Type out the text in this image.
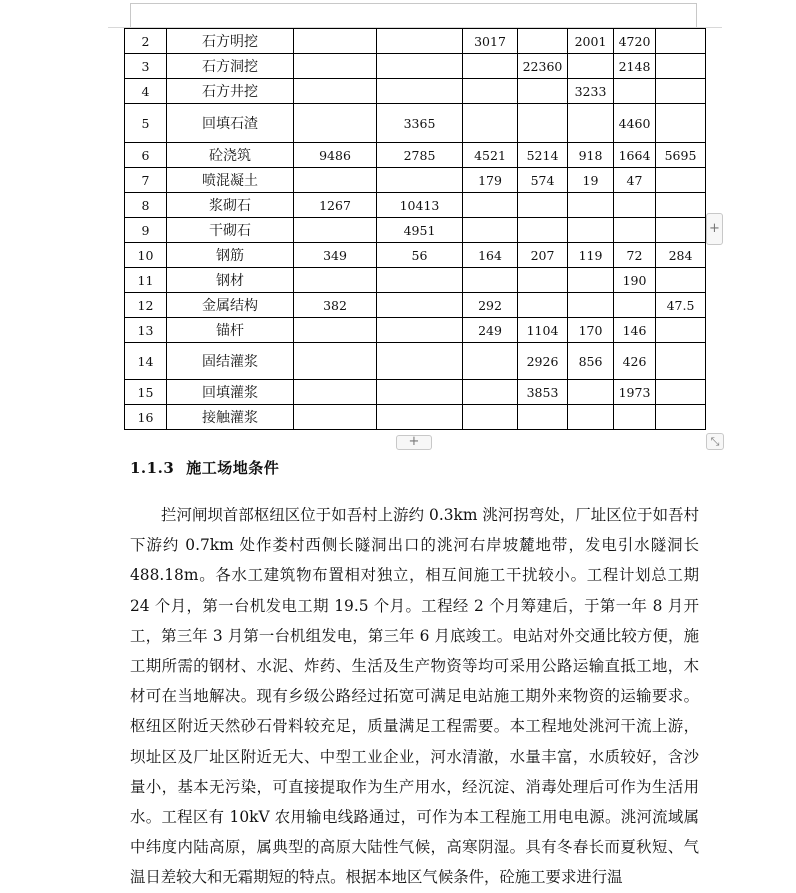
2	石方明挖			3017		2001	4720	
3	石方洞挖				22360		2148	
4	石方井挖					3233		
5	回填石渣		3365				4460	
6	砼浇筑	9486	2785	4521	5214	918	1664	5695
7	喷混凝土			179	574	19	47	
8	浆砌石	1267	10413					
9	干砌石		4951					
10	钢筋	349	56	164	207	119	72	284
11	钢材						190	
12	金属结构	382		292				47.5
13	锚杆			249	1104	170	146	
14	固结灌浆				2926	856	426	
15	回填灌浆				3853		1973	
16	接触灌浆							
+
+
⤡
1.1.3 施工场地条件

拦河闸坝首部枢纽区位于如吾村上游约 0.3km 洮河拐弯处，厂址区位于如吾村下游约 0.7km 处作娄村西侧长隧洞出口的洮河右岸坡麓地带，发电引水隧洞长 488.18m。各水工建筑物布置相对独立，相互间施工干扰较小。工程计划总工期 24 个月，第一台机发电工期 19.5 个月。工程经 2 个月筹建后，于第一年 8 月开工，第三年 3 月第一台机组发电，第三年 6 月底竣工。电站对外交通比较方便，施工期所需的钢材、水泥、炸药、生活及生产物资等均可采用公路运输直抵工地，木材可在当地解决。现有乡级公路经过拓宽可满足电站施工期外来物资的运输要求。枢纽区附近天然砂石骨料较充足，质量满足工程需要。本工程地处洮河干流上游，坝址区及厂址区附近无大、中型工业企业，河水清澈，水量丰富，水质较好，含沙量小，基本无污染，可直接提取作为生产用水，经沉淀、消毒处理后可作为生活用水。工程区有 10kV 农用输电线路通过，可作为本工程施工用电电源。洮河流域属中纬度内陆高原，属典型的高原大陆性气候，高寒阴湿。具有冬春长而夏秋短、气温日差较大和无霜期短的特点。根据本地区气候条件，砼施工要求进行温
